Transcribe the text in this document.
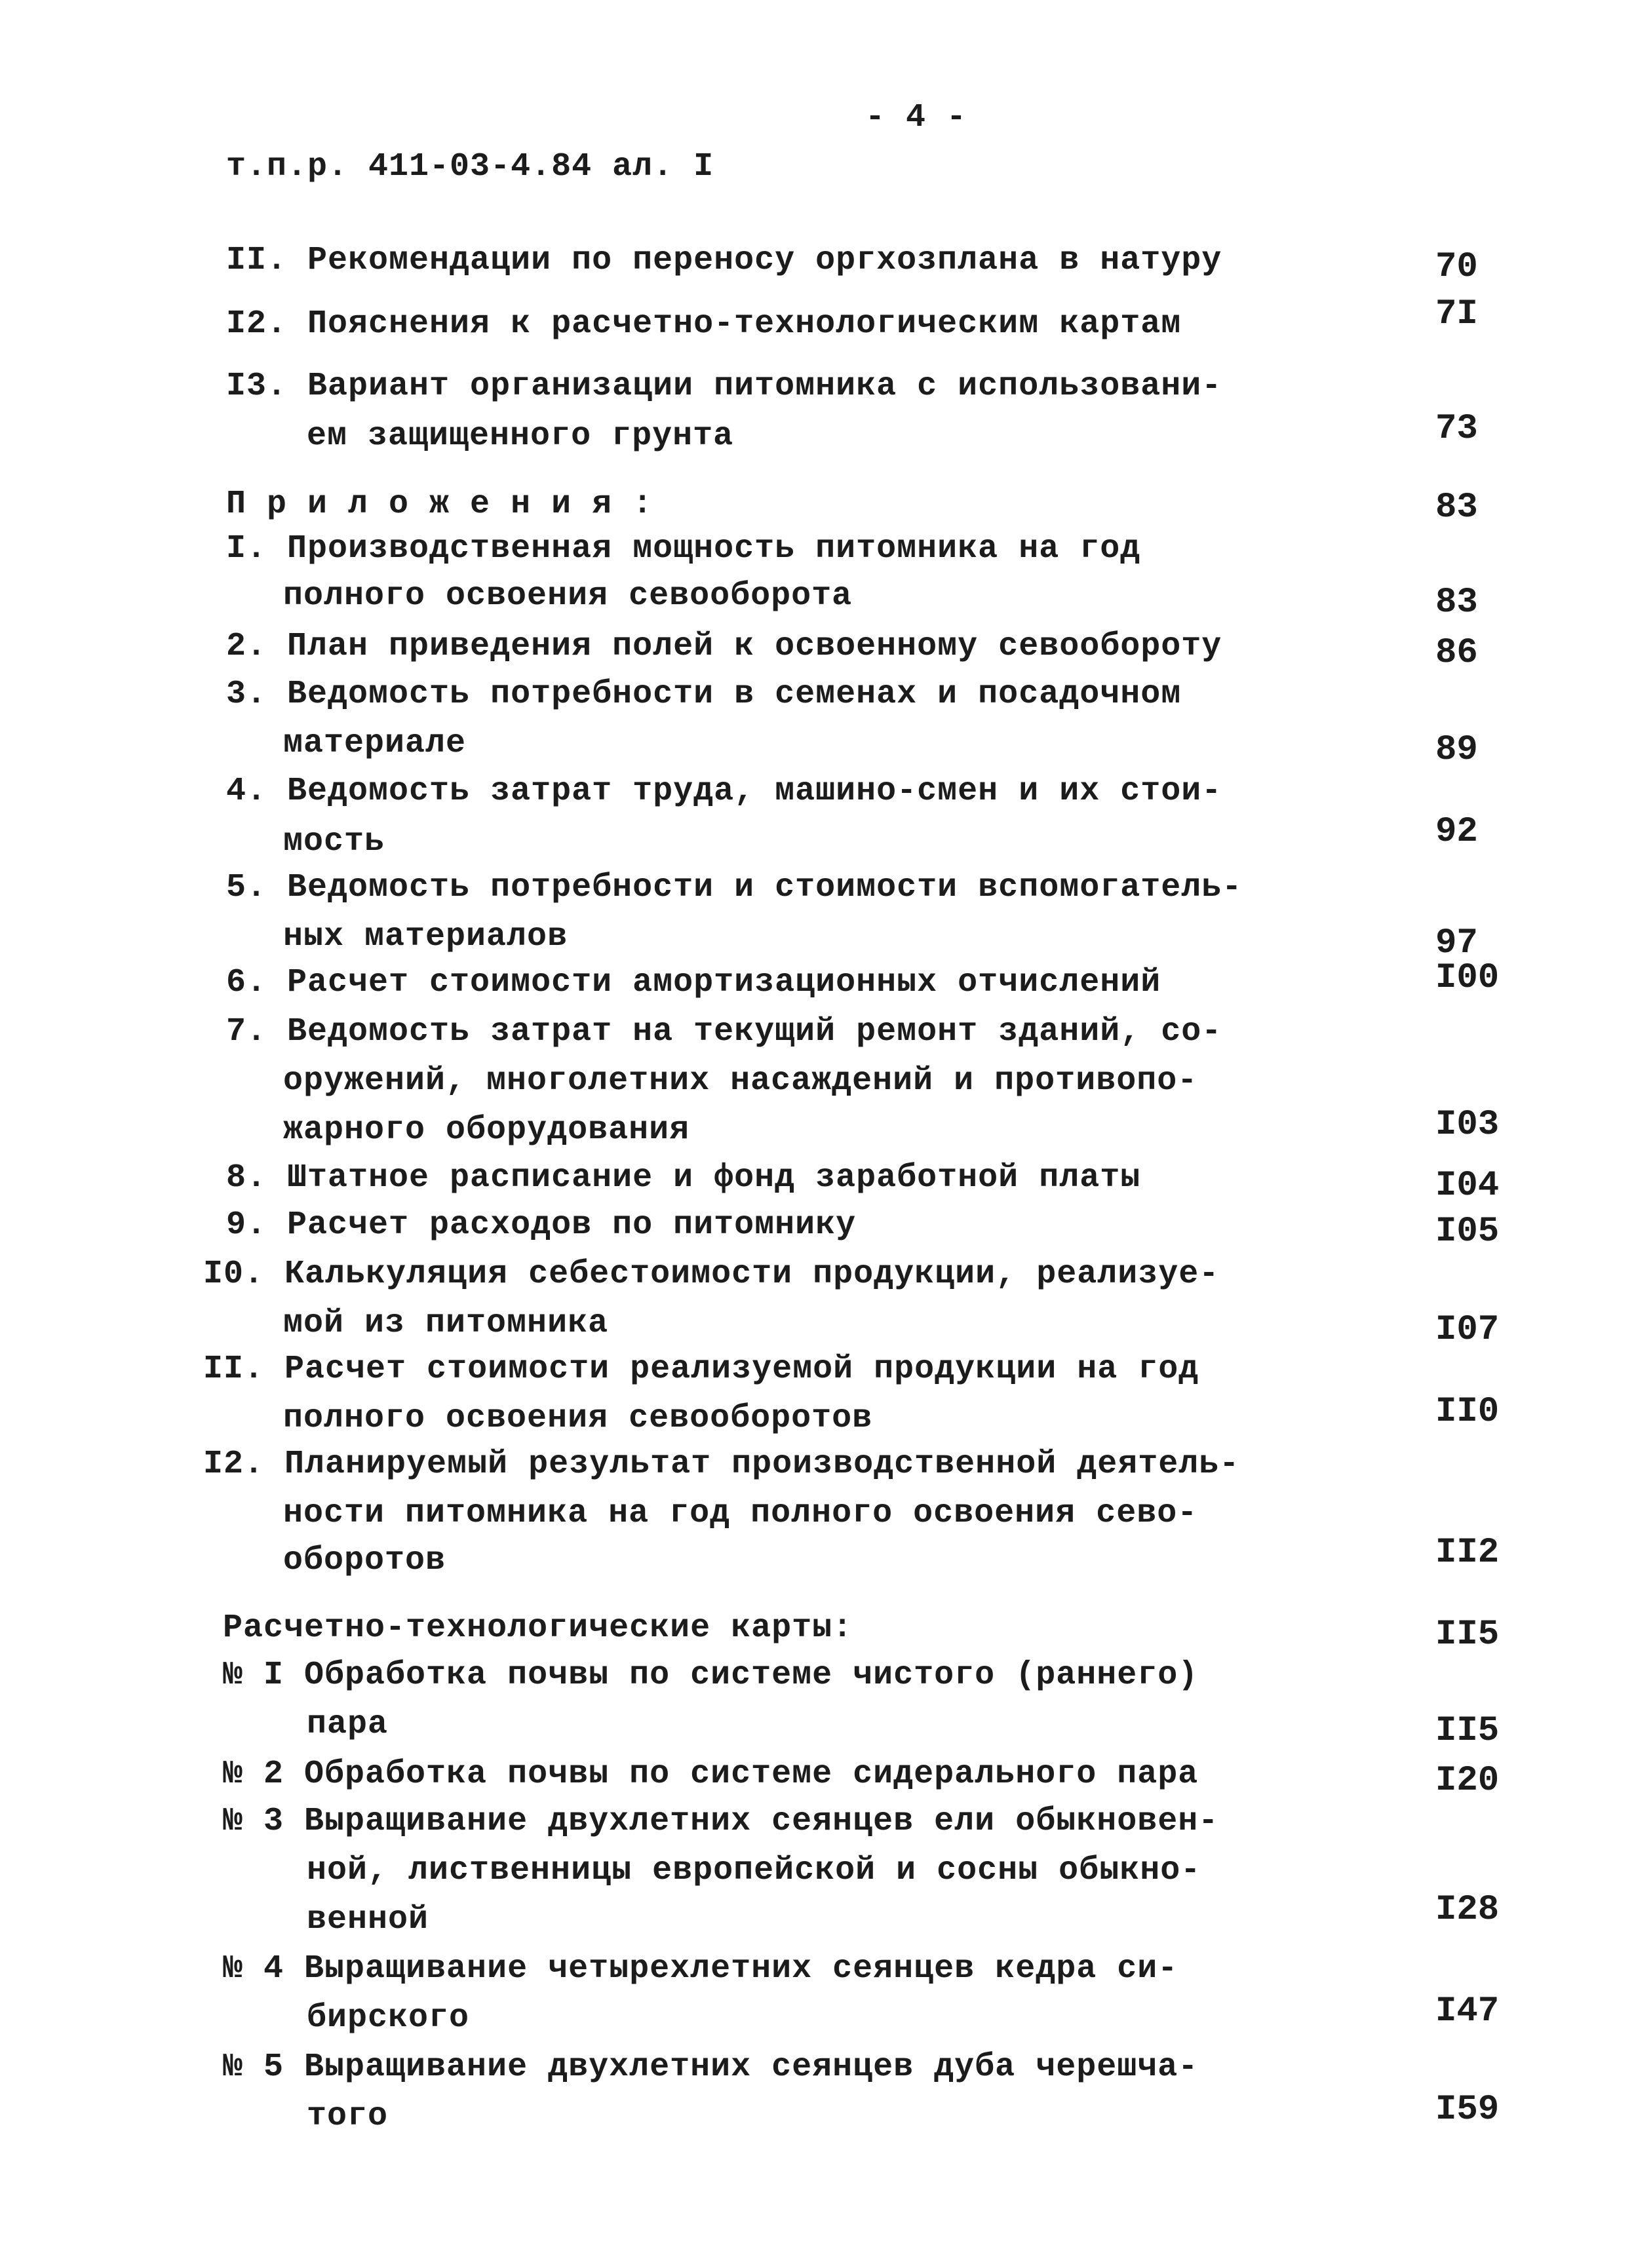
- 4 -
т.п.р. 411-03-4.84 ал. I
II. Рекомендации по переносу оргхозплана в натуру	70
I2. Пояснения к расчетно-технологическим картам	7I
I3. Вариант организации питомника с использовани-
ем защищенного грунта	73
П р и л о ж е н и я :	83
I. Производственная мощность питомника на год
полного освоения севооборота	83
2. План приведения полей к освоенному севообороту	86
3. Ведомость потребности в семенах и посадочном
материале	89
4. Ведомость затрат труда, машино-смен и их стои-
мость	92
5. Ведомость потребности и стоимости вспомогатель-
ных материалов	97
6. Расчет стоимости амортизационных отчислений	I00
7. Ведомость затрат на текущий ремонт зданий, со-
оружений, многолетних насаждений и противопо-
жарного оборудования	I03
8. Штатное расписание и фонд заработной платы	I04
9. Расчет расходов по питомнику	I05
I0. Калькуляция себестоимости продукции, реализуе-
мой из питомника	I07
II. Расчет стоимости реализуемой продукции на год
полного освоения севооборотов	II0
I2. Планируемый результат производственной деятель-
ности питомника на год полного освоения сево-
оборотов	II2
Расчетно-технологические карты:	II5
№ I Обработка почвы по системе чистого (раннего)
пара	II5
№ 2 Обработка почвы по системе сидерального пара	I20
№ 3 Выращивание двухлетних сеянцев ели обыкновен-
ной, лиственницы европейской и сосны обыкно-
венной	I28
№ 4 Выращивание четырехлетних сеянцев кедра си-
бирского	I47
№ 5 Выращивание двухлетних сеянцев дуба черешча-
того	I59
